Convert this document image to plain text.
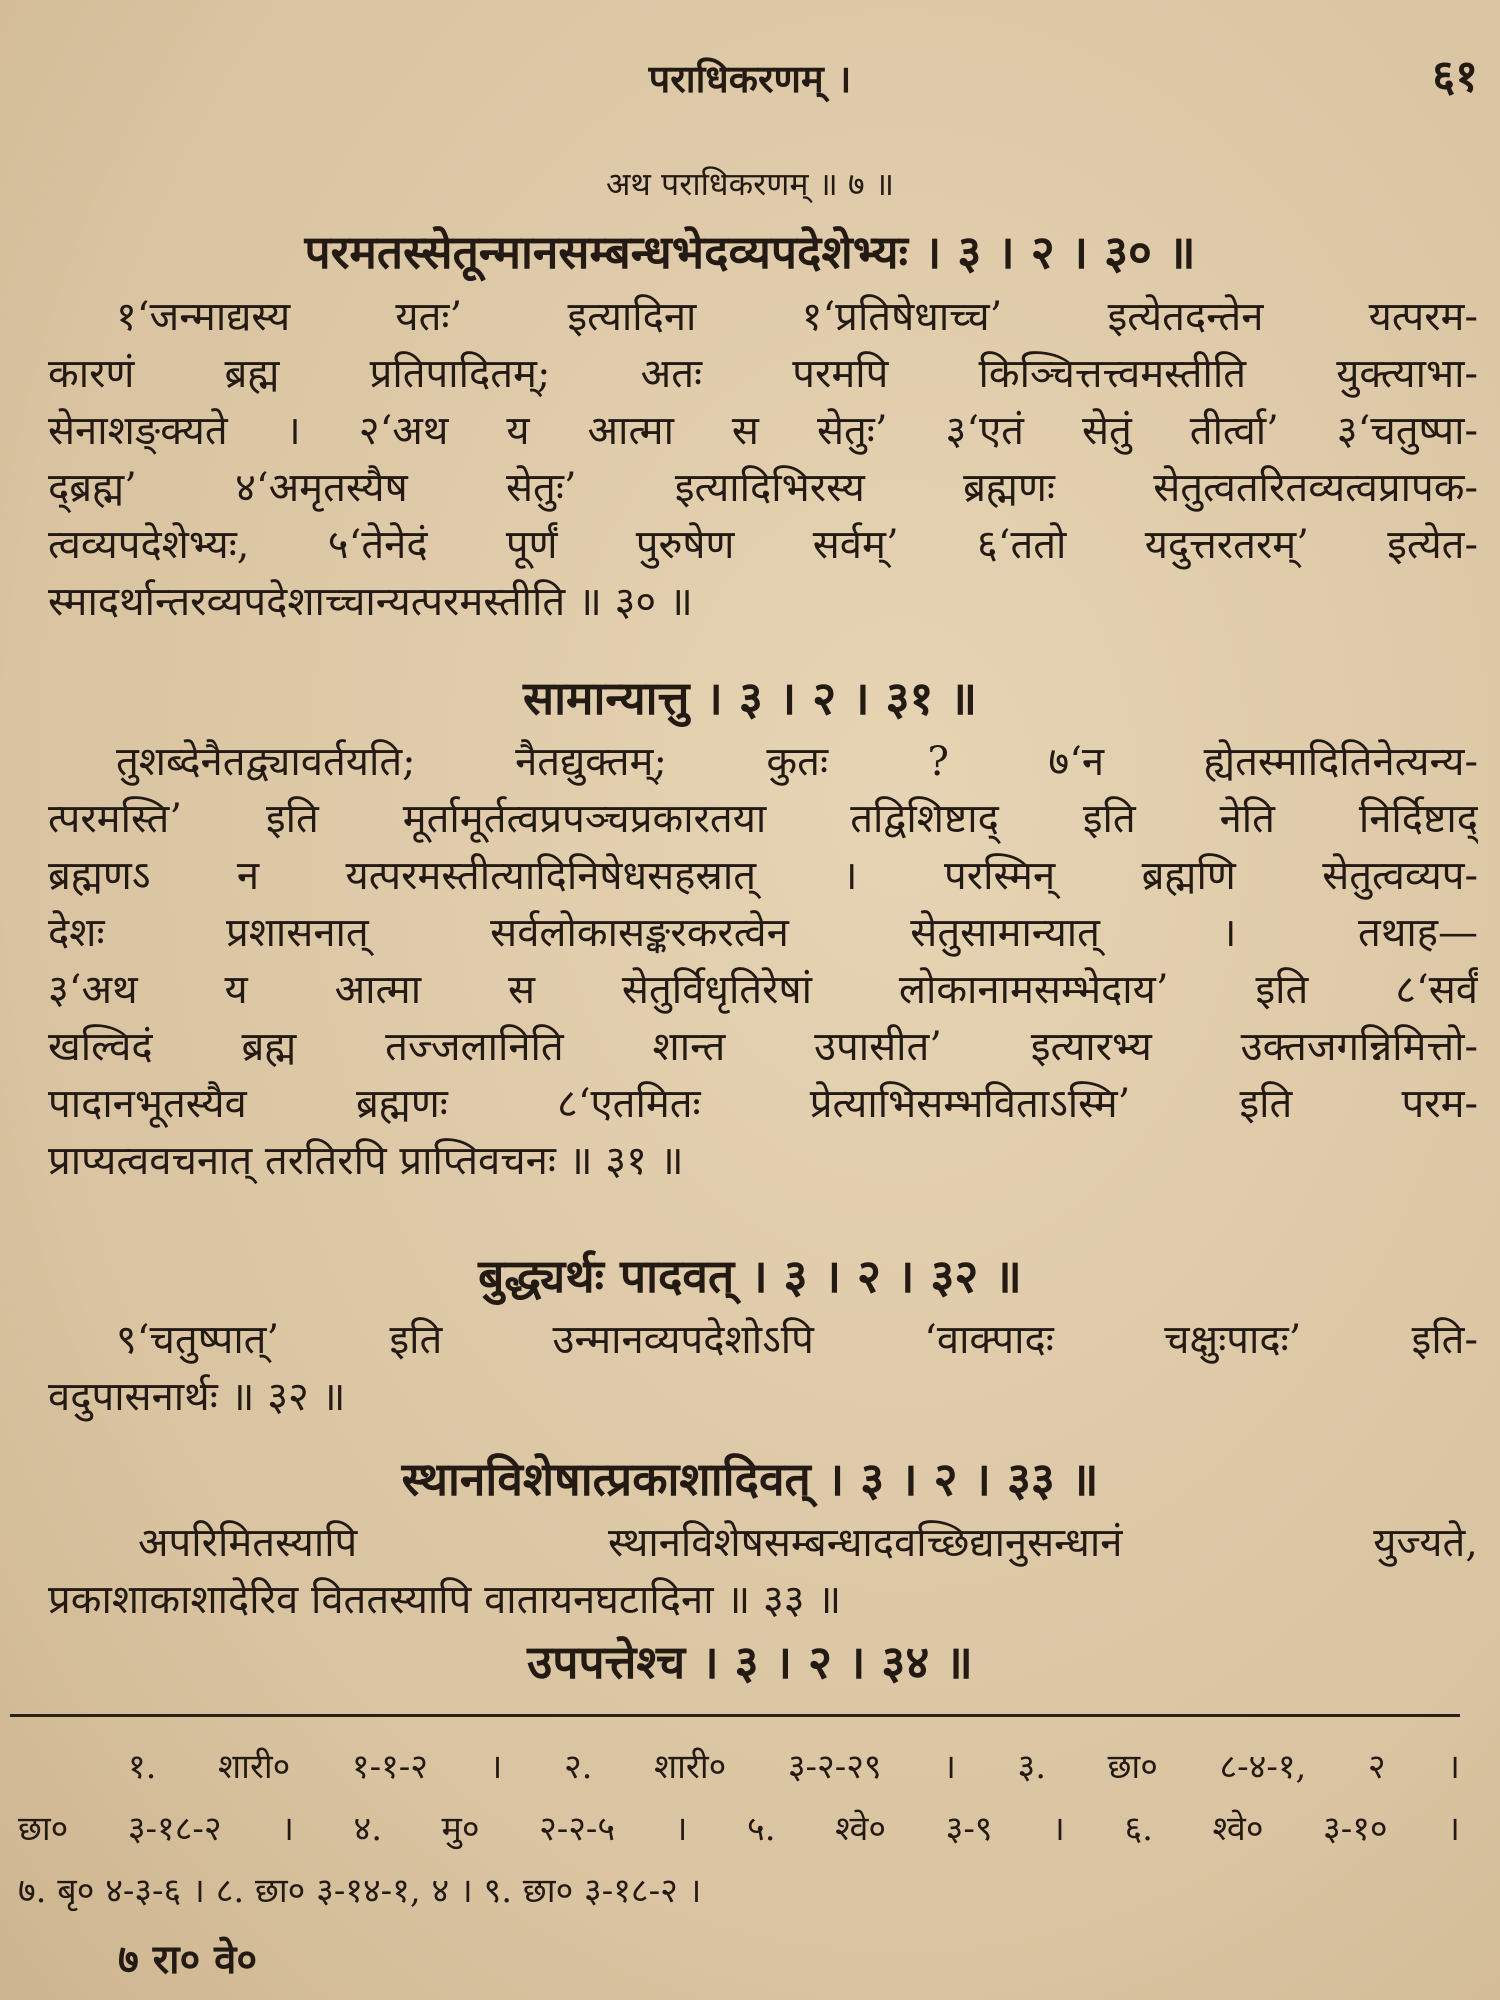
पराधिकरणम् ।	६१
अथ पराधिकरणम् ॥ ७ ॥
परमतस्सेतून्मानसम्बन्धभेदव्यपदेशेभ्यः । ३ । २ । ३० ॥
१‘जन्माद्यस्य यतः’ इत्यादिना १‘प्रतिषेधाच्च’ इत्येतदन्तेन यत्परम-
कारणं ब्रह्म प्रतिपादितम्; अतः परमपि किञ्चित्तत्त्वमस्तीति युक्त्याभा-
सेनाशङ्क्यते । २‘अथ य आत्मा स सेतुः’ ३‘एतं सेतुं तीर्त्वा’ ३‘चतुष्पा-
द्ब्रह्म’ ४‘अमृतस्यैष सेतुः’ इत्यादिभिरस्य ब्रह्मणः सेतुत्वतरितव्यत्वप्रापक-
त्वव्यपदेशेभ्यः, ५‘तेनेदं पूर्णं पुरुषेण सर्वम्’ ६‘ततो यदुत्तरतरम्’ इत्येत-
स्मादर्थान्तरव्यपदेशाच्चान्यत्परमस्तीति ॥ ३० ॥
सामान्यात्तु । ३ । २ । ३१ ॥
तुशब्देनैतद्व्यावर्तयति; नैतद्युक्तम्; कुतः ? ७‘न ह्येतस्मादितिनेत्यन्य-
त्परमस्ति’ इति मूर्तामूर्तत्वप्रपञ्चप्रकारतया तद्विशिष्टाद् इति नेति निर्दिष्टाद्
ब्रह्मणऽ न यत्परमस्तीत्यादिनिषेधसहस्रात् । परस्मिन् ब्रह्मणि सेतुत्वव्यप-
देशः प्रशासनात् सर्वलोकासङ्करकरत्वेन सेतुसामान्यात् । तथाह—
३‘अथ य आत्मा स सेतुर्विधृतिरेषां लोकानामसम्भेदाय’ इति ८‘सर्वं
खल्विदं ब्रह्म तज्जलानिति शान्त उपासीत’ इत्यारभ्य उक्तजगन्निमित्तो-
पादानभूतस्यैव ब्रह्मणः ८‘एतमितः प्रेत्याभिसम्भविताऽस्मि’ इति परम-
प्राप्यत्ववचनात् तरतिरपि प्राप्तिवचनः ॥ ३१ ॥
बुद्ध्यर्थः पादवत् । ३ । २ । ३२ ॥
९‘चतुष्पात्’ इति उन्मानव्यपदेशोऽपि ‘वाक्पादः चक्षुःपादः’ इति-
वदुपासनार्थः ॥ ३२ ॥
स्थानविशेषात्प्रकाशादिवत् । ३ । २ । ३३ ॥
अपरिमितस्यापि स्थानविशेषसम्बन्धादवच्छिद्यानुसन्धानं युज्यते,
प्रकाशाकाशादेरिव विततस्यापि वातायनघटादिना ॥ ३३ ॥
उपपत्तेश्च । ३ । २ । ३४ ॥
१. शारी० १-१-२ । २. शारी० ३-२-२९ । ३. छा० ८-४-१, २ ।
छा० ३-१८-२ । ४. मु० २-२-५ । ५. श्वे० ३-९ । ६. श्वे० ३-१० ।
७. बृ० ४-३-६ । ८. छा० ३-१४-१, ४ । ९. छा० ३-१८-२ ।
७ रा० वे०
